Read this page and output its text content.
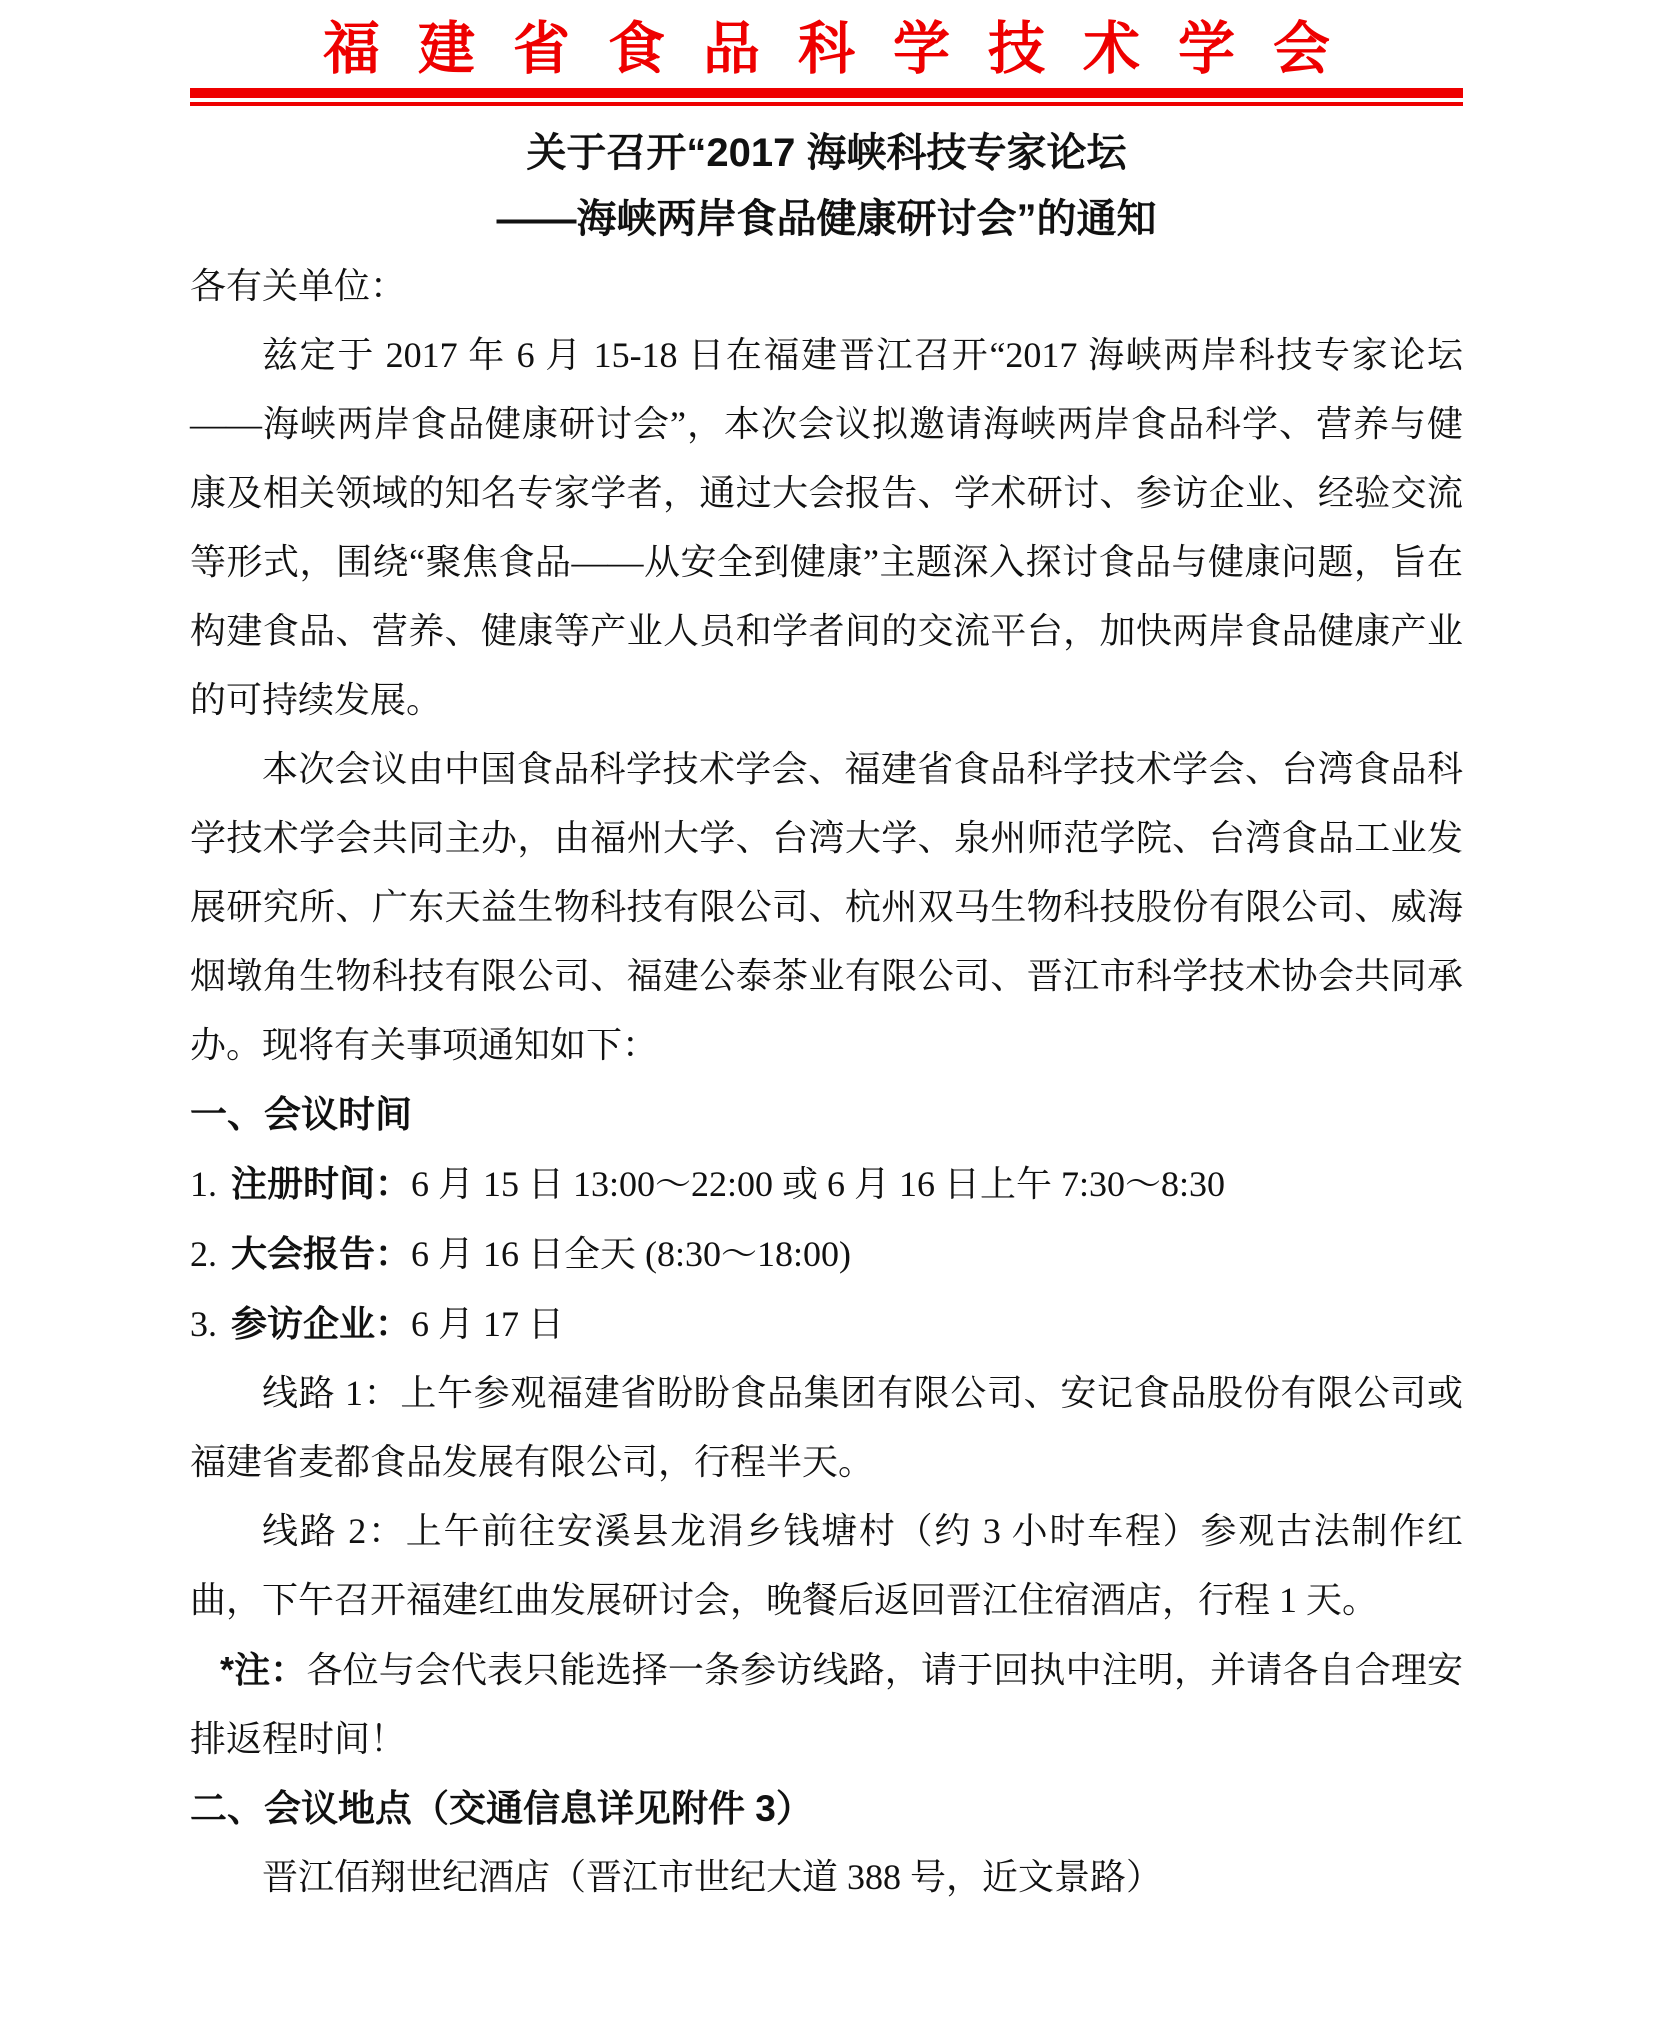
福建省食品科学技术学会
关于召开“2017 海峡科技专家论坛
——海峡两岸食品健康研讨会”的通知

各有关单位：

兹定于 2017 年 6 月 15-18 日在福建晋江召开“2017 海峡两岸科技专家论坛——海峡两岸食品健康研讨会”，本次会议拟邀请海峡两岸食品科学、营养与健康及相关领域的知名专家学者，通过大会报告、学术研讨、参访企业、经验交流等形式，围绕“聚焦食品——从安全到健康”主题深入探讨食品与健康问题，旨在构建食品、营养、健康等产业人员和学者间的交流平台，加快两岸食品健康产业的可持续发展。

本次会议由中国食品科学技术学会、福建省食品科学技术学会、台湾食品科学技术学会共同主办，由福州大学、台湾大学、泉州师范学院、台湾食品工业发展研究所、广东天益生物科技有限公司、杭州双马生物科技股份有限公司、威海烟墩角生物科技有限公司、福建公泰茶业有限公司、晋江市科学技术协会共同承办。现将有关事项通知如下：

一、会议时间

1. 注册时间：6 月 15 日 13:00～22:00 或 6 月 16 日上午 7:30～8:30

2. 大会报告：6 月 16 日全天 (8:30～18:00)

3. 参访企业：6 月 17 日

线路 1：上午参观福建省盼盼食品集团有限公司、安记食品股份有限公司或福建省麦都食品发展有限公司，行程半天。

线路 2：上午前往安溪县龙涓乡钱塘村（约 3 小时车程）参观古法制作红曲，下午召开福建红曲发展研讨会，晚餐后返回晋江住宿酒店，行程 1 天。

*注：各位与会代表只能选择一条参访线路，请于回执中注明，并请各自合理安排返程时间！

二、会议地点（交通信息详见附件 3）

晋江佰翔世纪酒店（晋江市世纪大道 388 号，近文景路）
